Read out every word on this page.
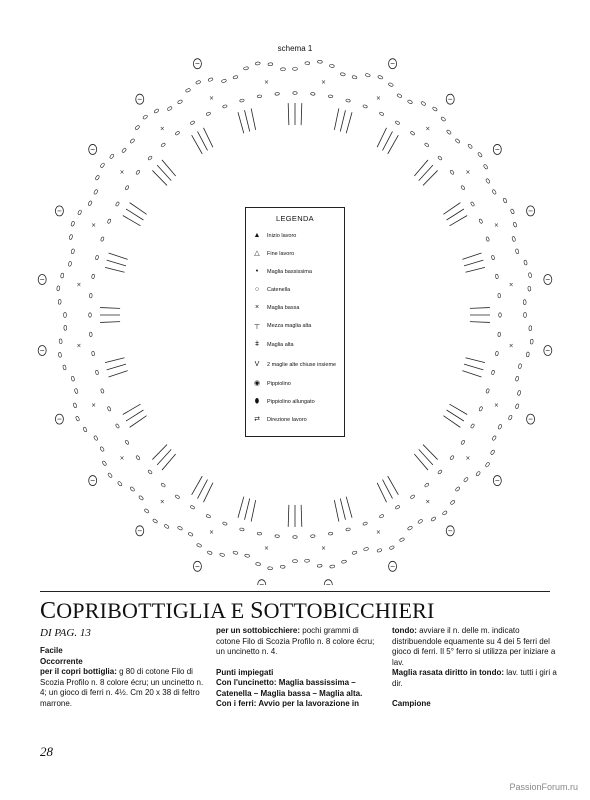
schema 1
×
×
×
×
×
×
×
×
×
×
×
×
×
×
×
×
×
×	×
×
×
×
×
×
LEGENDA
▲ Inizio lavoro
△	Fine lavoro
•	Maglia bassissima
○	Catenella
×	Maglia bassa
┬	Mezza maglia alta
ǂ	Maglia alta
V	2 maglie alte chiuse insieme
◉	Pippiolino
⬮	Pippiolino allungato
⇄	Direzione lavoro
COPRIBOTTIGLIA E SOTTOBICCHIERI
DI PAG. 13

Facile

Occorrente

per il copri bottiglia: g 80 di cotone Filo di Scozia Profilo n. 8 colore écru; un uncinetto n. 4; un gioco di ferri n. 4½. Cm 20 x 38 di feltro marrone.

per un sottobicchiere: pochi grammi di cotone Filo di Scozia Profilo n. 8 colore écru; un uncinetto n. 4.

Punti impiegati

Con l'uncinetto: Maglia bassissima – Catenella – Maglia bassa – Maglia alta.

Con i ferri: Avvio per la lavorazione in

tondo: avviare il n. delle m. indicato distribuendole equamente su 4 dei 5 ferri del gioco di ferri. Il 5° ferro si utilizza per iniziare a lav.

Maglia rasata diritto in tondo: lav. tutti i giri a dir.

Campione

28
PassionForum.ru
